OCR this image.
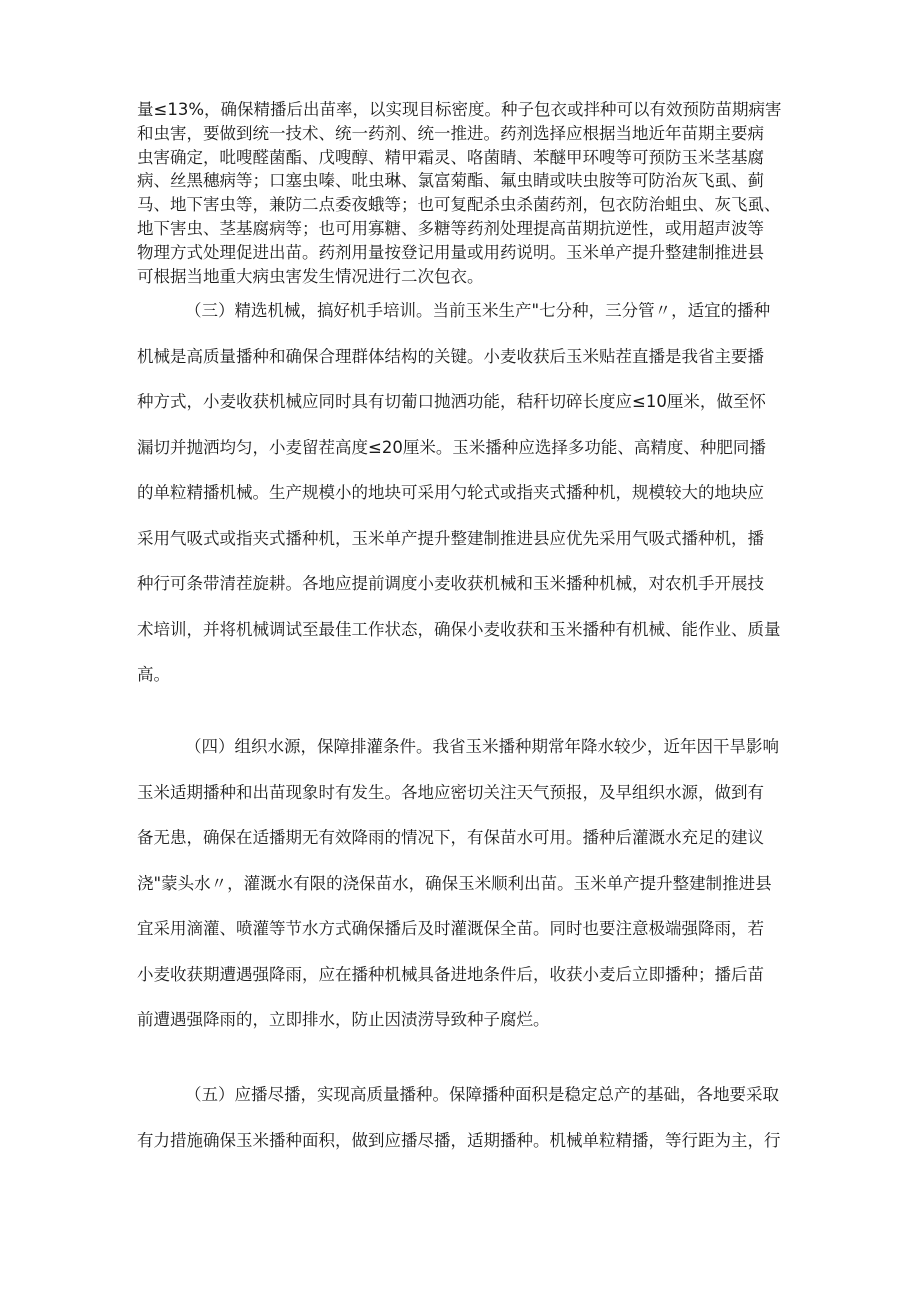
量≤13%，确保精播后出苗率，以实现目标密度。种子包衣或拌种可以有效预防苗期病害
和虫害，要做到统一技术、统一药剂、统一推进。药剂选择应根据当地近年苗期主要病
虫害确定，吡嗖醛菌酯、戊嗖醇、精甲霜灵、咯菌睛、苯醚甲环嗖等可预防玉米茎基腐
病、丝黑穗病等；口塞虫嗪、吡虫琳、氯富菊酯、氟虫睛或呋虫胺等可防治灰飞虱、蓟
马、地下害虫等，兼防二点委夜蛾等；也可复配杀虫杀菌药剂，包衣防治蛆虫、灰飞虱、
地下害虫、茎基腐病等；也可用寡糖、多糖等药剂处理提高苗期抗逆性，或用超声波等
物理方式处理促进出苗。药剂用量按登记用量或用药说明。玉米单产提升整建制推进县
可根据当地重大病虫害发生情况进行二次包衣。
（三）精选机械，搞好机手培训。当前玉米生产"七分种，三分管〃，适宜的播种
机械是高质量播种和确保合理群体结构的关键。小麦收获后玉米贴茬直播是我省主要播
种方式，小麦收获机械应同时具有切葡口抛洒功能，秸秆切碎长度应≤10厘米，做至怀
漏切并抛洒均匀，小麦留茬高度≤20厘米。玉米播种应选择多功能、高精度、种肥同播
的单粒精播机械。生产规模小的地块可采用勺轮式或指夹式播种机，规模较大的地块应
采用气吸式或指夹式播种机，玉米单产提升整建制推进县应优先采用气吸式播种机，播
种行可条带清茬旋耕。各地应提前调度小麦收获机械和玉米播种机械，对农机手开展技
术培训，并将机械调试至最佳工作状态，确保小麦收获和玉米播种有机械、能作业、质量
高。
（四）组织水源，保障排灌条件。我省玉米播种期常年降水较少，近年因干旱影响
玉米适期播种和出苗现象时有发生。各地应密切关注天气预报，及早组织水源，做到有
备无患，确保在适播期无有效降雨的情况下，有保苗水可用。播种后灌溉水充足的建议
浇"蒙头水〃，灌溉水有限的浇保苗水，确保玉米顺利出苗。玉米单产提升整建制推进县
宜采用滴灌、喷灌等节水方式确保播后及时灌溉保全苗。同时也要注意极端强降雨，若
小麦收获期遭遇强降雨，应在播种机械具备进地条件后，收获小麦后立即播种；播后苗
前遭遇强降雨的，立即排水，防止因渍涝导致种子腐烂。
（五）应播尽播，实现高质量播种。保障播种面积是稳定总产的基础，各地要采取
有力措施确保玉米播种面积，做到应播尽播，适期播种。机械单粒精播，等行距为主，行
